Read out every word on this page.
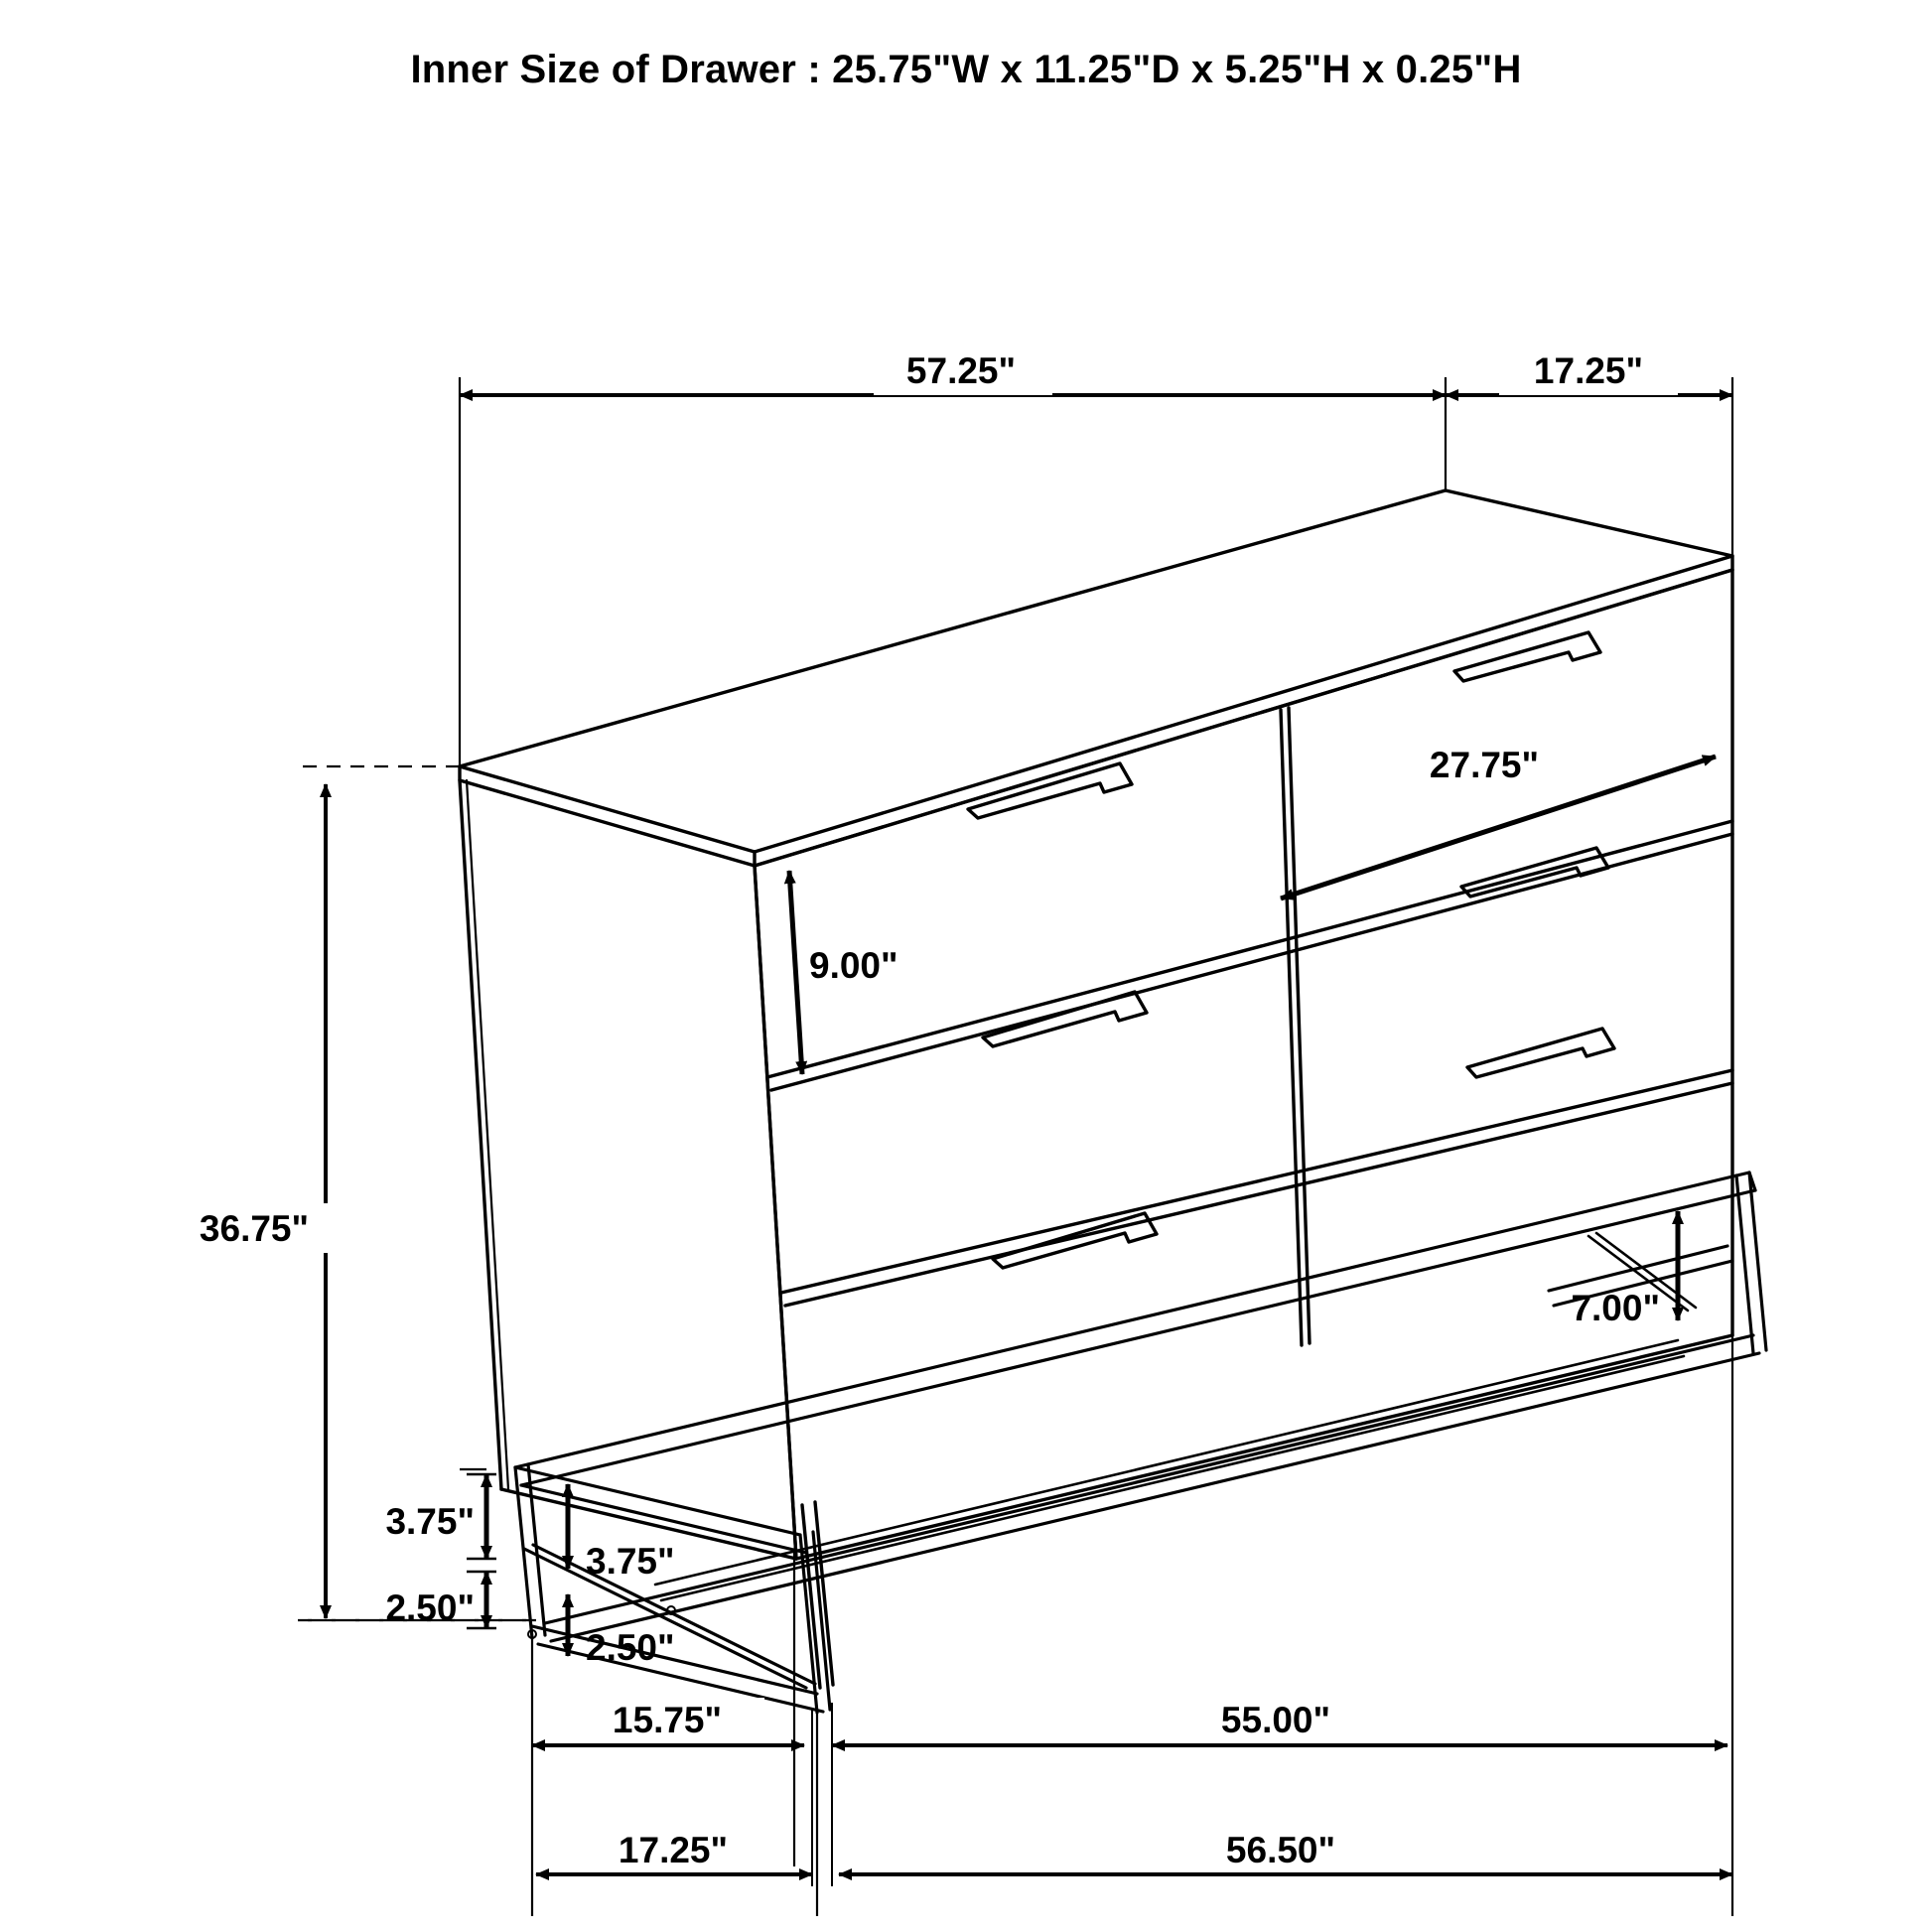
Inner Size of Drawer : 25.75"W x 11.25"D x 5.25"H x 0.25"H
57.25"	17.25"
27.75"
9.00"
36.75"
7.00"
3.75"
3.75"
2.50"
2.50"
15.75"	55.00"
17.25"	56.50"
